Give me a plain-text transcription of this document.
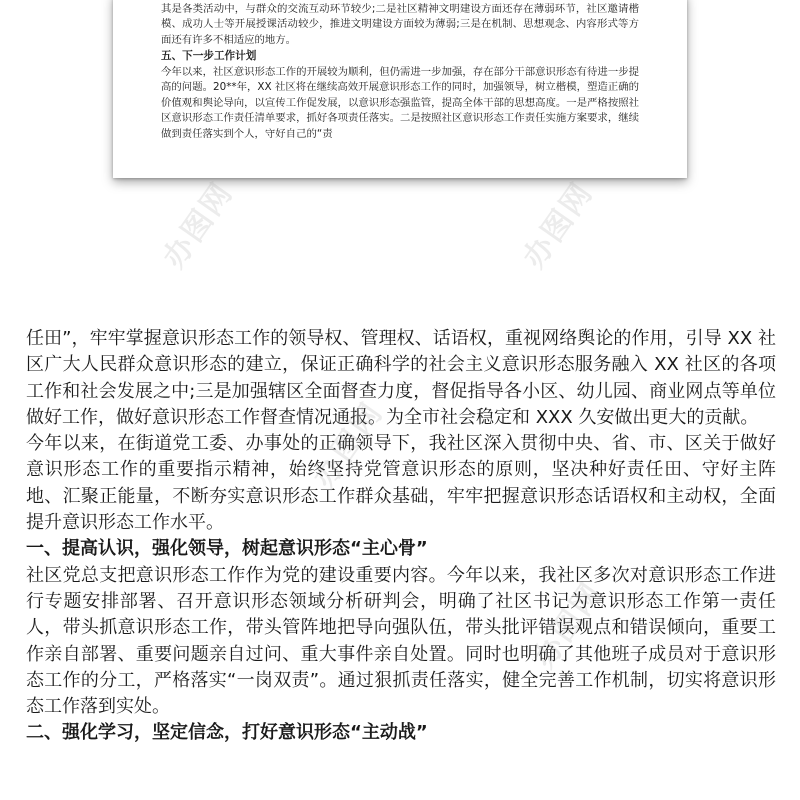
其是各类活动中，与群众的交流互动环节较少;二是社区精神文明建设方面还存在薄弱环节，社区邀请楷模、成功人士等开展授课活动较少，推进文明建设方面较为薄弱;三是在机制、思想观念、内容形式等方面还有许多不相适应的地方。

五、下一步工作计划

今年以来，社区意识形态工作的开展较为顺利，但仍需进一步加强，存在部分干部意识形态有待进一步提高的问题。20**年，XX 社区将在继续高效开展意识形态工作的同时，加强领导，树立楷模，塑造正确的价值观和舆论导向，以宣传工作促发展，以意识形态强监管，提高全体干部的思想高度。一是严格按照社区意识形态工作责任清单要求，抓好各项责任落实。二是按照社区意识形态工作责任实施方案要求，继续做到责任落实到个人，守好自己的“责

办图网
办图网

任田”，牢牢掌握意识形态工作的领导权、管理权、话语权，重视网络舆论的作用，引导 XX 社区广大人民群众意识形态的建立，保证正确科学的社会主义意识形态服务融入 XX 社区的各项工作和社会发展之中;三是加强辖区全面督查力度，督促指导各小区、幼儿园、商业网点等单位做好工作，做好意识形态工作督查情况通报。为全市社会稳定和 XXX 久安做出更大的贡献。

今年以来，在街道党工委、办事处的正确领导下，我社区深入贯彻中央、省、市、区关于做好意识形态工作的重要指示精神，始终坚持党管意识形态的原则，坚决种好责任田、守好主阵地、汇聚正能量，不断夯实意识形态工作群众基础，牢牢把握意识形态话语权和主动权，全面提升意识形态工作水平。

一、提高认识，强化领导，树起意识形态“主心骨”

社区党总支把意识形态工作作为党的建设重要内容。今年以来，我社区多次对意识形态工作进行专题安排部署、召开意识形态领域分析研判会，明确了社区书记为意识形态工作第一责任人，带头抓意识形态工作，带头管阵地把导向强队伍，带头批评错误观点和错误倾向，重要工作亲自部署、重要问题亲自过问、重大事件亲自处置。同时也明确了其他班子成员对于意识形态工作的分工，严格落实“一岗双责”。通过狠抓责任落实，健全完善工作机制，切实将意识形态工作落到实处。

二、强化学习，坚定信念，打好意识形态“主动战”
